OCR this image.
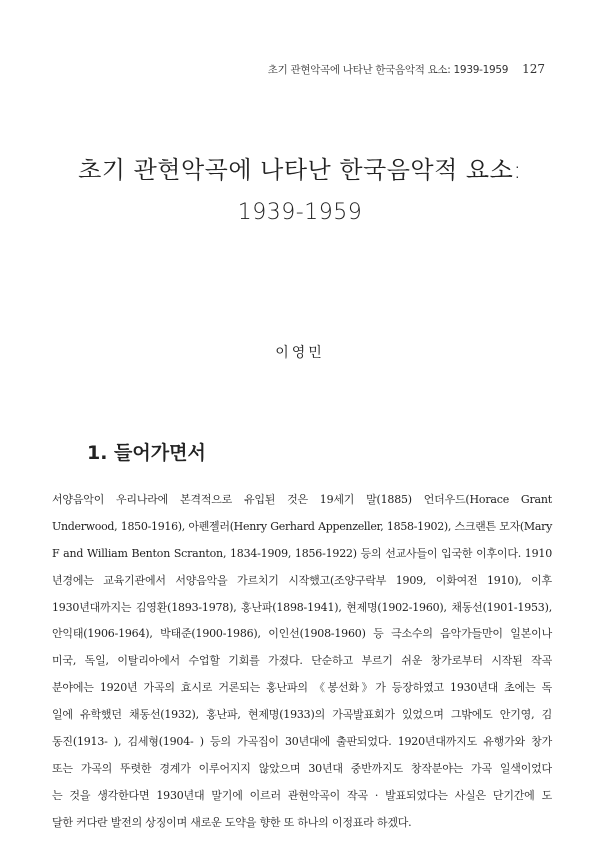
초기 관현악곡에 나타난 한국음악적 요소: 1939-1959 127
초기 관현악곡에 나타난 한국음악적 요소:
1939-1959
이영민
1. 들어가면서
서양음악이 우리나라에 본격적으로 유입된 것은 19세기 말(1885) 언더우드(Horace Grant
Underwood, 1850-1916), 아펜젤러(Henry Gerhard Appenzeller, 1858-1902), 스크랜튼 모자(Mary
F and William Benton Scranton, 1834-1909, 1856-1922) 등의 선교사들이 입국한 이후이다. 1910
년경에는 교육기관에서 서양음악을 가르치기 시작했고(조양구락부 1909, 이화여전 1910), 이후
1930년대까지는 김영환(1893-1978), 홍난파(1898-1941), 현제명(1902-1960), 채동선(1901-1953),
안익태(1906-1964), 박태준(1900-1986), 이인선(1908-1960) 등 극소수의 음악가들만이 일본이나
미국, 독일, 이탈리아에서 수업할 기회를 가졌다. 단순하고 부르기 쉬운 창가로부터 시작된 작곡
분야에는 1920년 가곡의 효시로 거론되는 홍난파의 《봉선화》가 등장하였고 1930년대 초에는 독
일에 유학했던 채동선(1932), 홍난파, 현제명(1933)의 가곡발표회가 있었으며 그밖에도 안기영, 김
동진(1913- ), 김세형(1904- ) 등의 가곡집이 30년대에 출판되었다. 1920년대까지도 유행가와 창가
또는 가곡의 뚜렷한 경계가 이루어지지 않았으며 30년대 중반까지도 창작분야는 가곡 일색이었다
는 것을 생각한다면 1930년대 말기에 이르러 관현악곡이 작곡 · 발표되었다는 사실은 단기간에 도
달한 커다란 발전의 상징이며 새로운 도약을 향한 또 하나의 이정표라 하겠다.
